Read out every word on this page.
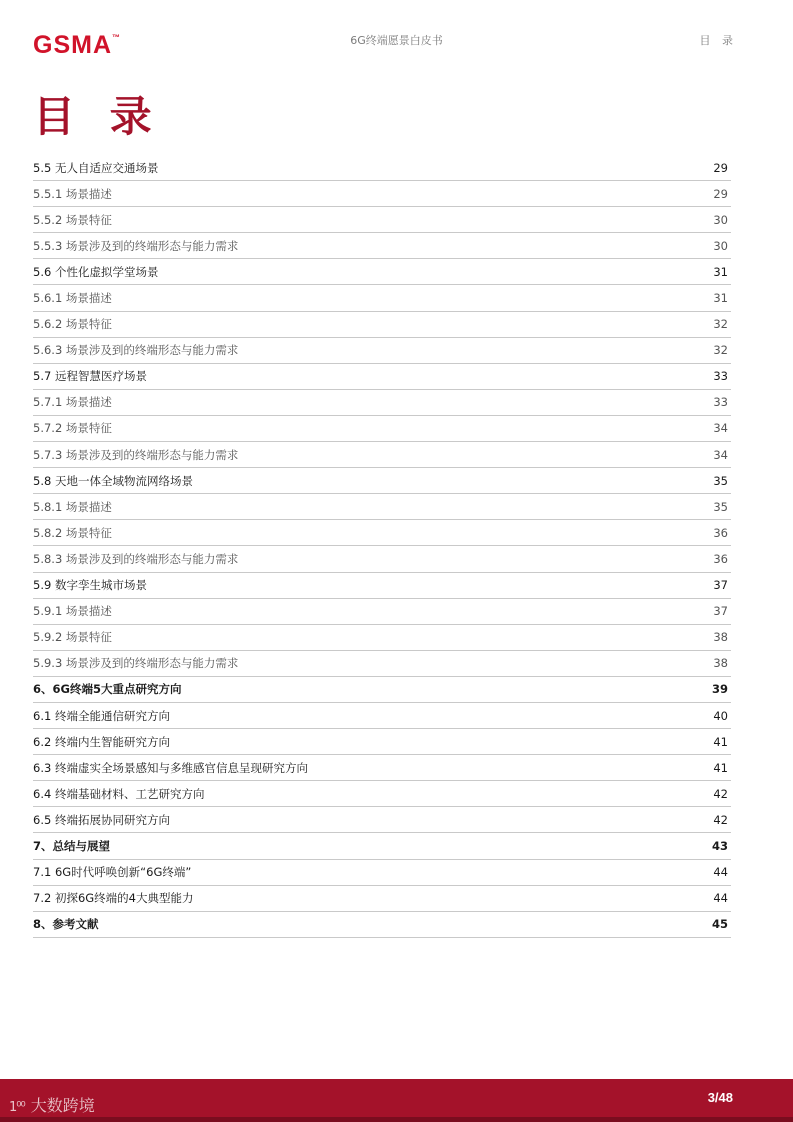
GSMA™	6G终端愿景白皮书	目 录
目 录
5.5 无人自适应交通场景	29
5.5.1 场景描述	29
5.5.2 场景特征	30
5.5.3 场景涉及到的终端形态与能力需求	30
5.6 个性化虚拟学堂场景	31
5.6.1 场景描述	31
5.6.2 场景特征	32
5.6.3 场景涉及到的终端形态与能力需求	32
5.7 远程智慧医疗场景	33
5.7.1 场景描述	33
5.7.2 场景特征	34
5.7.3 场景涉及到的终端形态与能力需求	34
5.8 天地一体全域物流网络场景	35
5.8.1 场景描述	35
5.8.2 场景特征	36
5.8.3 场景涉及到的终端形态与能力需求	36
5.9 数字孪生城市场景	37
5.9.1 场景描述	37
5.9.2 场景特征	38
5.9.3 场景涉及到的终端形态与能力需求	38
6、6G终端5大重点研究方向	39
6.1 终端全能通信研究方向	40
6.2 终端内生智能研究方向	41
6.3 终端虚实全场景感知与多维感官信息呈现研究方向	41
6.4 终端基础材料、工艺研究方向	42
6.5 终端拓展协同研究方向	42
7、总结与展望	43
7.1 6G时代呼唤创新“6G终端”	44
7.2 初探6G终端的4大典型能力	44
8、参考文献	45
1⁰⁰ 大数跨境	3/48
